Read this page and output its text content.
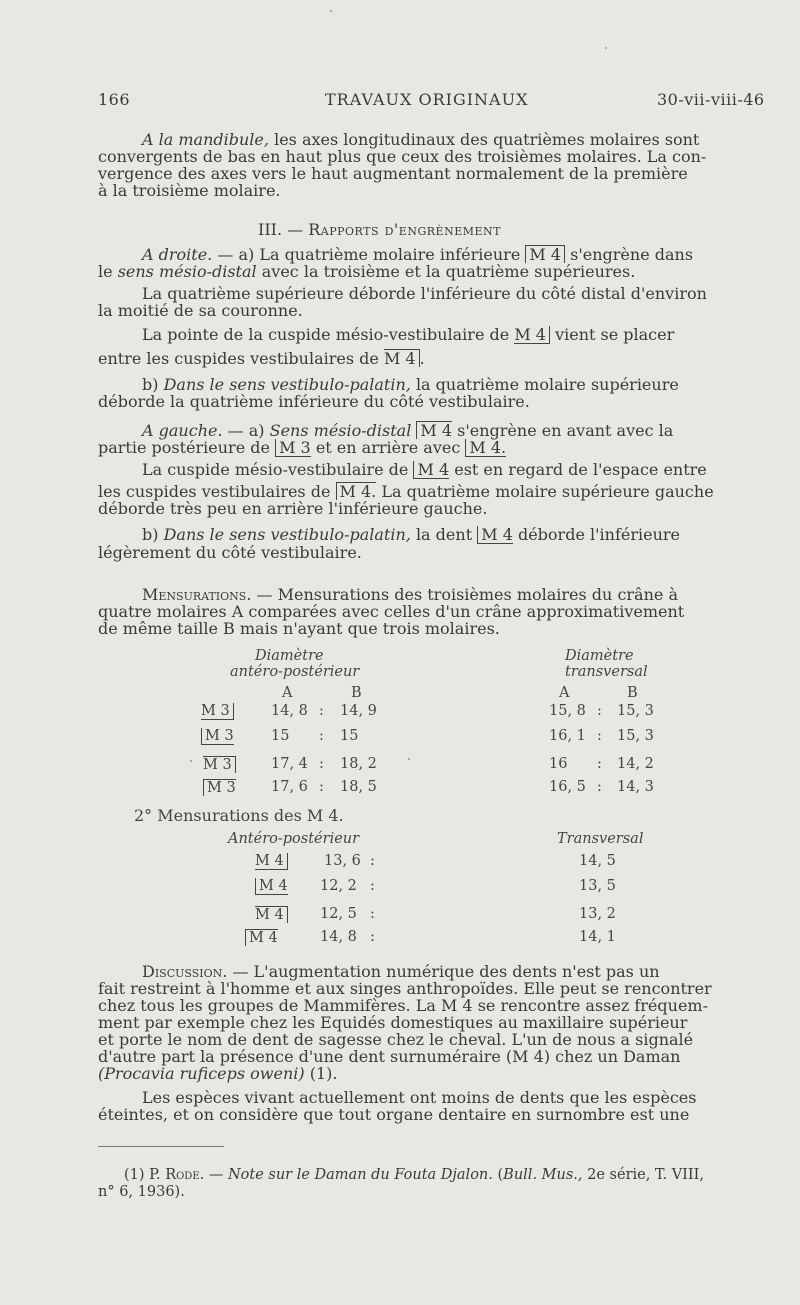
166	TRAVAUX ORIGINAUX	30-vii-viii-46
A la mandibule, les axes longitudinaux des quatrièmes molaires sont
convergents de bas en haut plus que ceux des troisièmes molaires. La con-
vergence des axes vers le haut augmentant normalement de la première
à la troisième molaire.
III. — Rapports d'engrènement
A droite. — a) La quatrième molaire inférieure M 4 s'engrène dans
le sens mésio-distal avec la troisième et la quatrième supérieures.
La quatrième supérieure déborde l'inférieure du côté distal d'environ
la moitié de sa couronne.
La pointe de la cuspide mésio-vestibulaire de M 4 vient se placer
entre les cuspides vestibulaires de M 4 .
b) Dans le sens vestibulo-palatin, la quatrième molaire supérieure
déborde la quatrième inférieure du côté vestibulaire.
A gauche. — a) Sens mésio-distal M 4 s'engrène en avant avec la
partie postérieure de M 3 et en arrière avec M 4.
La cuspide mésio-vestibulaire de M 4 est en regard de l'espace entre
les cuspides vestibulaires de M 4. La quatrième molaire supérieure gauche
déborde très peu en arrière l'inférieure gauche.
b) Dans le sens vestibulo-palatin, la dent M 4 déborde l'inférieure
légèrement du côté vestibulaire.
Mensurations. — Mensurations des troisièmes molaires du crâne à
quatre molaires A comparées avec celles d'un crâne approximativement
de même taille B mais n'ayant que trois molaires.
Diamètre
antéro-postérieur
Diamètre
transversal
A	B	A	B
M 3	14, 8 : 14, 9	15, 8 : 15, 3
M 3	15 : 15	16, 1 : 15, 3
M 3	17, 4 : 18, 2	16 : 14, 2
M 3 17, 6 : 18, 5	16, 5 : 14, 3
2° Mensurations des M 4.
Antéro-postérieur	Transversal
M 4	13, 6 :	14, 5
M 4 12, 2 :	13, 5
M 4	12, 5 :	13, 2
M 4	14, 8 :	14, 1
Discussion. — L'augmentation numérique des dents n'est pas un
fait restreint à l'homme et aux singes anthropoïdes. Elle peut se rencontrer
chez tous les groupes de Mammifères. La M 4 se rencontre assez fréquem-
ment par exemple chez les Equidés domestiques au maxillaire supérieur
et porte le nom de dent de sagesse chez le cheval. L'un de nous a signalé
d'autre part la présence d'une dent surnuméraire (M 4) chez un Daman
(Procavia ruficeps oweni) (1).
Les espèces vivant actuellement ont moins de dents que les espèces
éteintes, et on considère que tout organe dentaire en surnombre est une
(1) P. Rode. — Note sur le Daman du Fouta Djalon. (Bull. Mus., 2e série, T. VIII,
n° 6, 1936).
